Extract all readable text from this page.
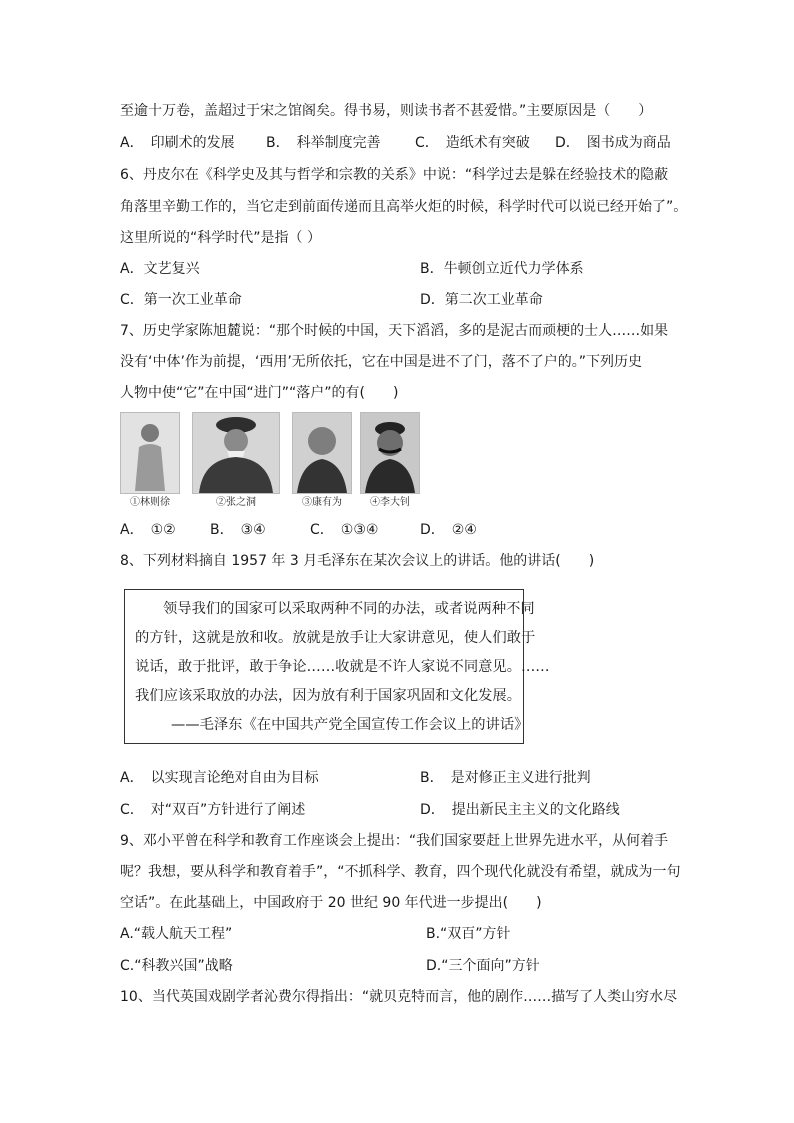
至逾十万卷，盖超过于宋之馆阁矣。得书易，则读书者不甚爱惜。”主要原因是（　　）
A．　印刷术的发展 B．　科举制度完善 C．　造纸术有突破 D．　图书成为商品
6、丹皮尔在《科学史及其与哲学和宗教的关系》中说：“科学过去是躲在经验技术的隐蔽
角落里辛勤工作的，当它走到前面传递而且高举火炬的时候，科学时代可以说已经开始了”。
这里所说的“科学时代”是指（ ）
A．文艺复兴	B．牛顿创立近代力学体系
C．第一次工业革命	D．第二次工业革命
7、历史学家陈旭麓说：“那个时候的中国，天下滔滔，多的是泥古而顽梗的士人……如果
没有‘中体’作为前提，‘西用’无所依托，它在中国是进不了门，落不了户的。”下列历史
人物中使“它”在中国“进门”“落户”的有(　　)
①林则徐	②张之洞	③康有为	④李大钊
A．　①② B．　③④	C．　①③④	D．　②④
8、下列材料摘自 1957 年 3 月毛泽东在某次会议上的讲话。他的讲话(　　)
领导我们的国家可以采取两种不同的办法，或者说两种不同
的方针，这就是放和收。放就是放手让大家讲意见，使人们敢于
说话，敢于批评，敢于争论……收就是不许人家说不同意见。……
我们应该采取放的办法，因为放有利于国家巩固和文化发展。
——毛泽东《在中国共产党全国宣传工作会议上的讲话》
A．　以实现言论绝对自由为目标	B．　是对修正主义进行批判
C．　对“双百”方针进行了阐述	D．　提出新民主主义的文化路线
9、邓小平曾在科学和教育工作座谈会上提出：“我们国家要赶上世界先进水平，从何着手
呢？我想，要从科学和教育着手”，“不抓科学、教育，四个现代化就没有希望，就成为一句
空话”。在此基础上，中国政府于 20 世纪 90 年代进一步提出(　　)
A.“载人航天工程”	B.“双百”方针
C.“科教兴国”战略	D.“三个面向”方针
10、当代英国戏剧学者沁费尔得指出：“就贝克特而言，他的剧作……描写了人类山穷水尽
